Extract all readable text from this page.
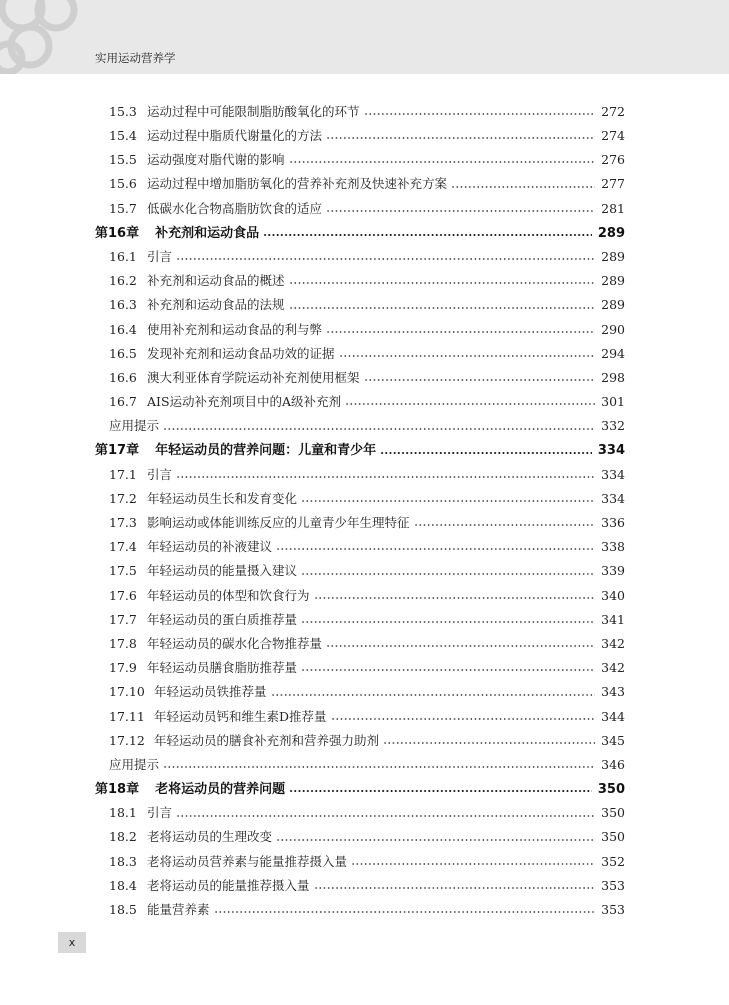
实用运动营养学
15.3 运动过程中可能限制脂肪酸氧化的环节	272
15.4 运动过程中脂质代谢量化的方法	274
15.5 运动强度对脂代谢的影响	276
15.6 运动过程中增加脂肪氧化的营养补充剂及快速补充方案	277
15.7 低碳水化合物高脂肪饮食的适应	281
第16章 补充剂和运动食品	289
16.1 引言	289
16.2 补充剂和运动食品的概述	289
16.3 补充剂和运动食品的法规	289
16.4 使用补充剂和运动食品的利与弊	290
16.5 发现补充剂和运动食品功效的证据	294
16.6 澳大利亚体育学院运动补充剂使用框架	298
16.7 AIS运动补充剂项目中的A级补充剂	301
应用提示	332
第17章 年轻运动员的营养问题：儿童和青少年	334
17.1 引言	334
17.2 年轻运动员生长和发育变化	334
17.3 影响运动或体能训练反应的儿童青少年生理特征	336
17.4 年轻运动员的补液建议	338
17.5 年轻运动员的能量摄入建议	339
17.6 年轻运动员的体型和饮食行为	340
17.7 年轻运动员的蛋白质推荐量	341
17.8 年轻运动员的碳水化合物推荐量	342
17.9 年轻运动员膳食脂肪推荐量	342
17.10 年轻运动员铁推荐量	343
17.11 年轻运动员钙和维生素D推荐量	344
17.12 年轻运动员的膳食补充剂和营养强力助剂	345
应用提示	346
第18章 老将运动员的营养问题	350
18.1 引言	350
18.2 老将运动员的生理改变	350
18.3 老将运动员营养素与能量推荐摄入量	352
18.4 老将运动员的能量推荐摄入量	353
18.5 能量营养素	353
x
